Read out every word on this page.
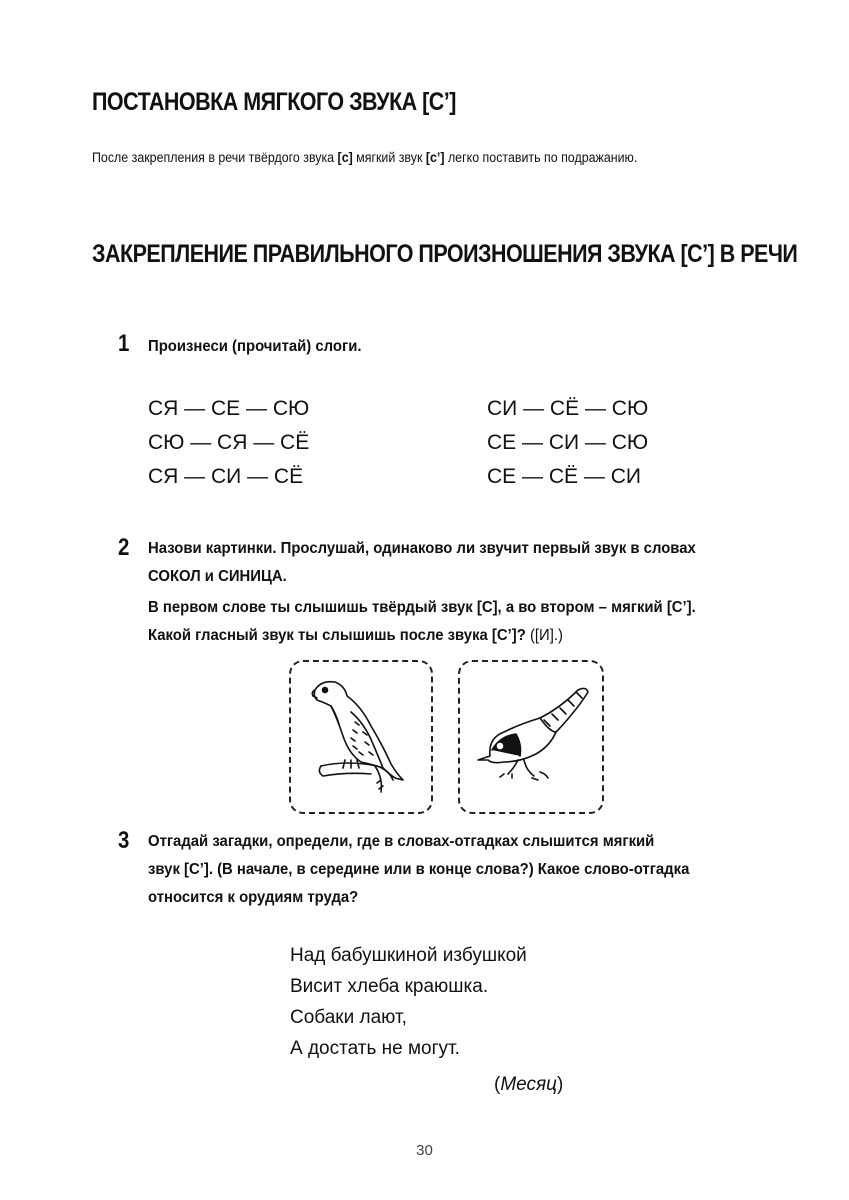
ПОСТАНОВКА МЯГКОГО ЗВУКА [С’]
После закрепления в речи твёрдого звука [с] мягкий звук [с’] легко поставить по подражанию.
ЗАКРЕПЛЕНИЕ ПРАВИЛЬНОГО ПРОИЗНОШЕНИЯ ЗВУКА [С’] В РЕЧИ
1 Произнеси (прочитай) слоги.
СЯ — СЕ — СЮ
СЮ — СЯ — СЁ
СЯ — СИ — СЁ
СИ — СЁ — СЮ
СЕ — СИ — СЮ
СЕ — СЁ — СИ
2 Назови картинки. Прослушай, одинаково ли звучит первый звук в словах
СОКОЛ и СИНИЦА.
В первом слове ты слышишь твёрдый звук [С], а во втором – мягкий [С’].
Какой гласный звук ты слышишь после звука [С’]? ([И].)
3 Отгадай загадки, определи, где в словах-отгадках слышится мягкий
звук [С’]. (В начале, в середине или в конце слова?) Какое слово-отгадка
относится к орудиям труда?
Над бабушкиной избушкой
Висит хлеба краюшка.
Собаки лают,
А достать не могут.
(Месяц)
30
